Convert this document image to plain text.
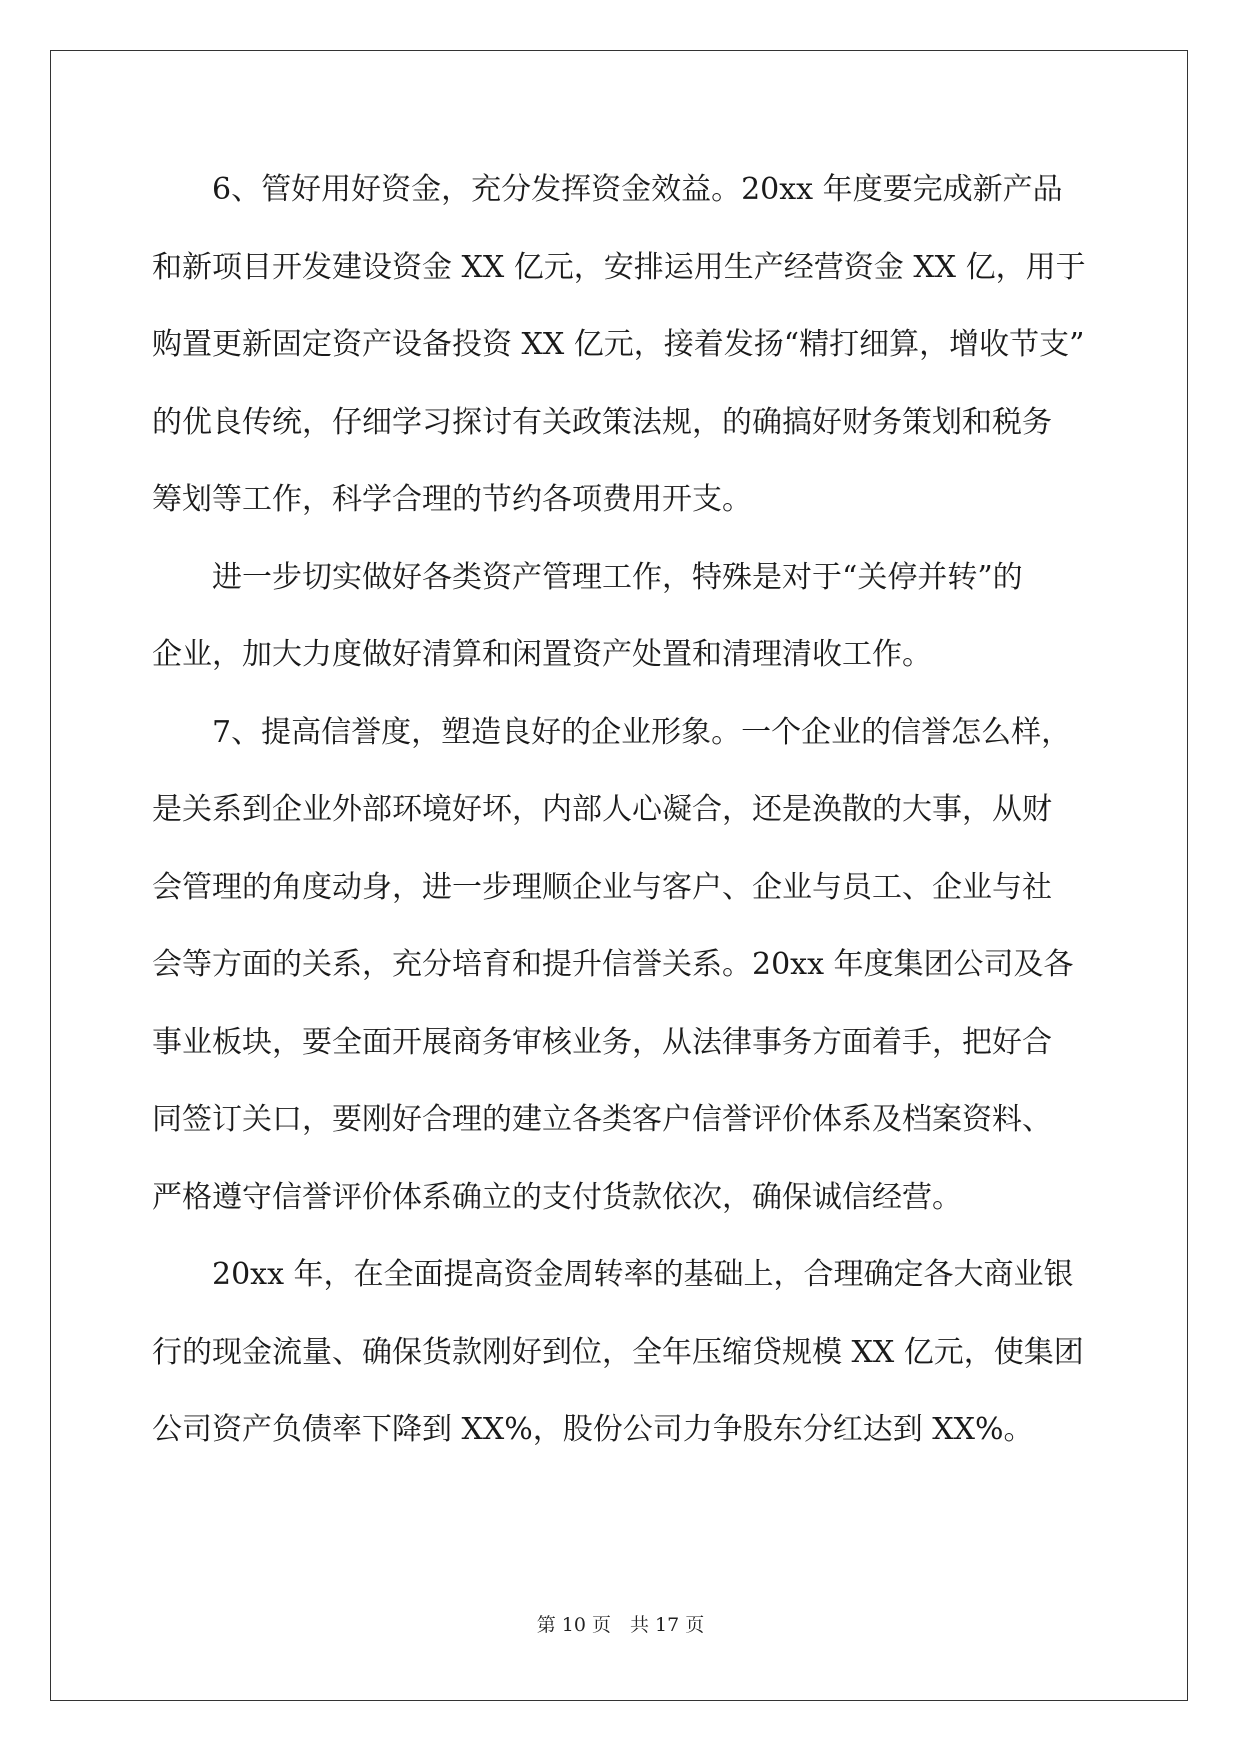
6、管好用好资金，充分发挥资金效益。20xx 年度要完成新产品
和新项目开发建设资金 XX 亿元，安排运用生产经营资金 XX 亿，用于
购置更新固定资产设备投资 XX 亿元，接着发扬“精打细算，增收节支”
的优良传统，仔细学习探讨有关政策法规，的确搞好财务策划和税务
筹划等工作，科学合理的节约各项费用开支。
进一步切实做好各类资产管理工作，特殊是对于“关停并转”的
企业，加大力度做好清算和闲置资产处置和清理清收工作。
7、提高信誉度，塑造良好的企业形象。一个企业的信誉怎么样，
是关系到企业外部环境好坏，内部人心凝合，还是涣散的大事，从财
会管理的角度动身，进一步理顺企业与客户、企业与员工、企业与社
会等方面的关系，充分培育和提升信誉关系。20xx 年度集团公司及各
事业板块，要全面开展商务审核业务，从法律事务方面着手，把好合
同签订关口，要刚好合理的建立各类客户信誉评价体系及档案资料、
严格遵守信誉评价体系确立的支付货款依次，确保诚信经营。
20xx 年，在全面提高资金周转率的基础上，合理确定各大商业银
行的现金流量、确保货款刚好到位，全年压缩贷规模 XX 亿元，使集团
公司资产负债率下降到 XX%，股份公司力争股东分红达到 XX%。
第 10 页　共 17 页
